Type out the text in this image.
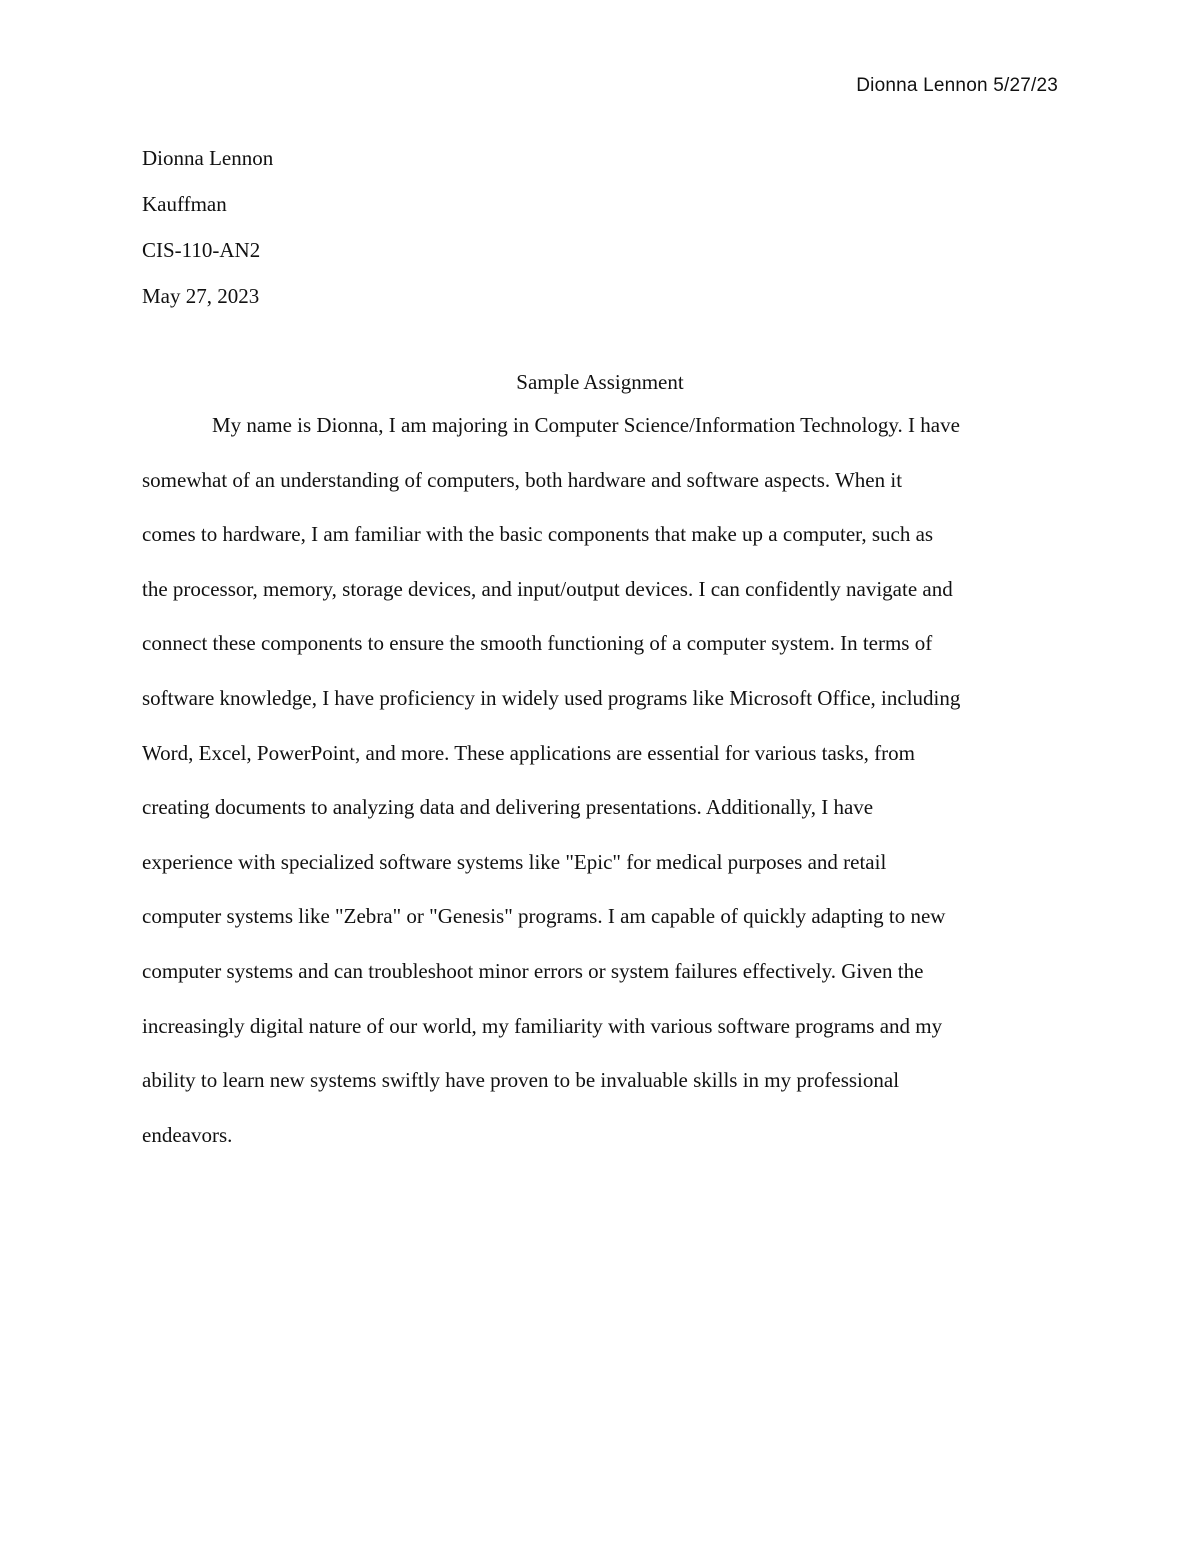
Dionna Lennon 5/27/23
Dionna Lennon
Kauffman
CIS-110-AN2
May 27, 2023
Sample Assignment
My name is Dionna, I am majoring in Computer Science/Information Technology. I have
somewhat of an understanding of computers, both hardware and software aspects. When it
comes to hardware, I am familiar with the basic components that make up a computer, such as
the processor, memory, storage devices, and input/output devices. I can confidently navigate and
connect these components to ensure the smooth functioning of a computer system. In terms of
software knowledge, I have proficiency in widely used programs like Microsoft Office, including
Word, Excel, PowerPoint, and more. These applications are essential for various tasks, from
creating documents to analyzing data and delivering presentations. Additionally, I have
experience with specialized software systems like "Epic" for medical purposes and retail
computer systems like "Zebra" or "Genesis" programs. I am capable of quickly adapting to new
computer systems and can troubleshoot minor errors or system failures effectively. Given the
increasingly digital nature of our world, my familiarity with various software programs and my
ability to learn new systems swiftly have proven to be invaluable skills in my professional
endeavors.
